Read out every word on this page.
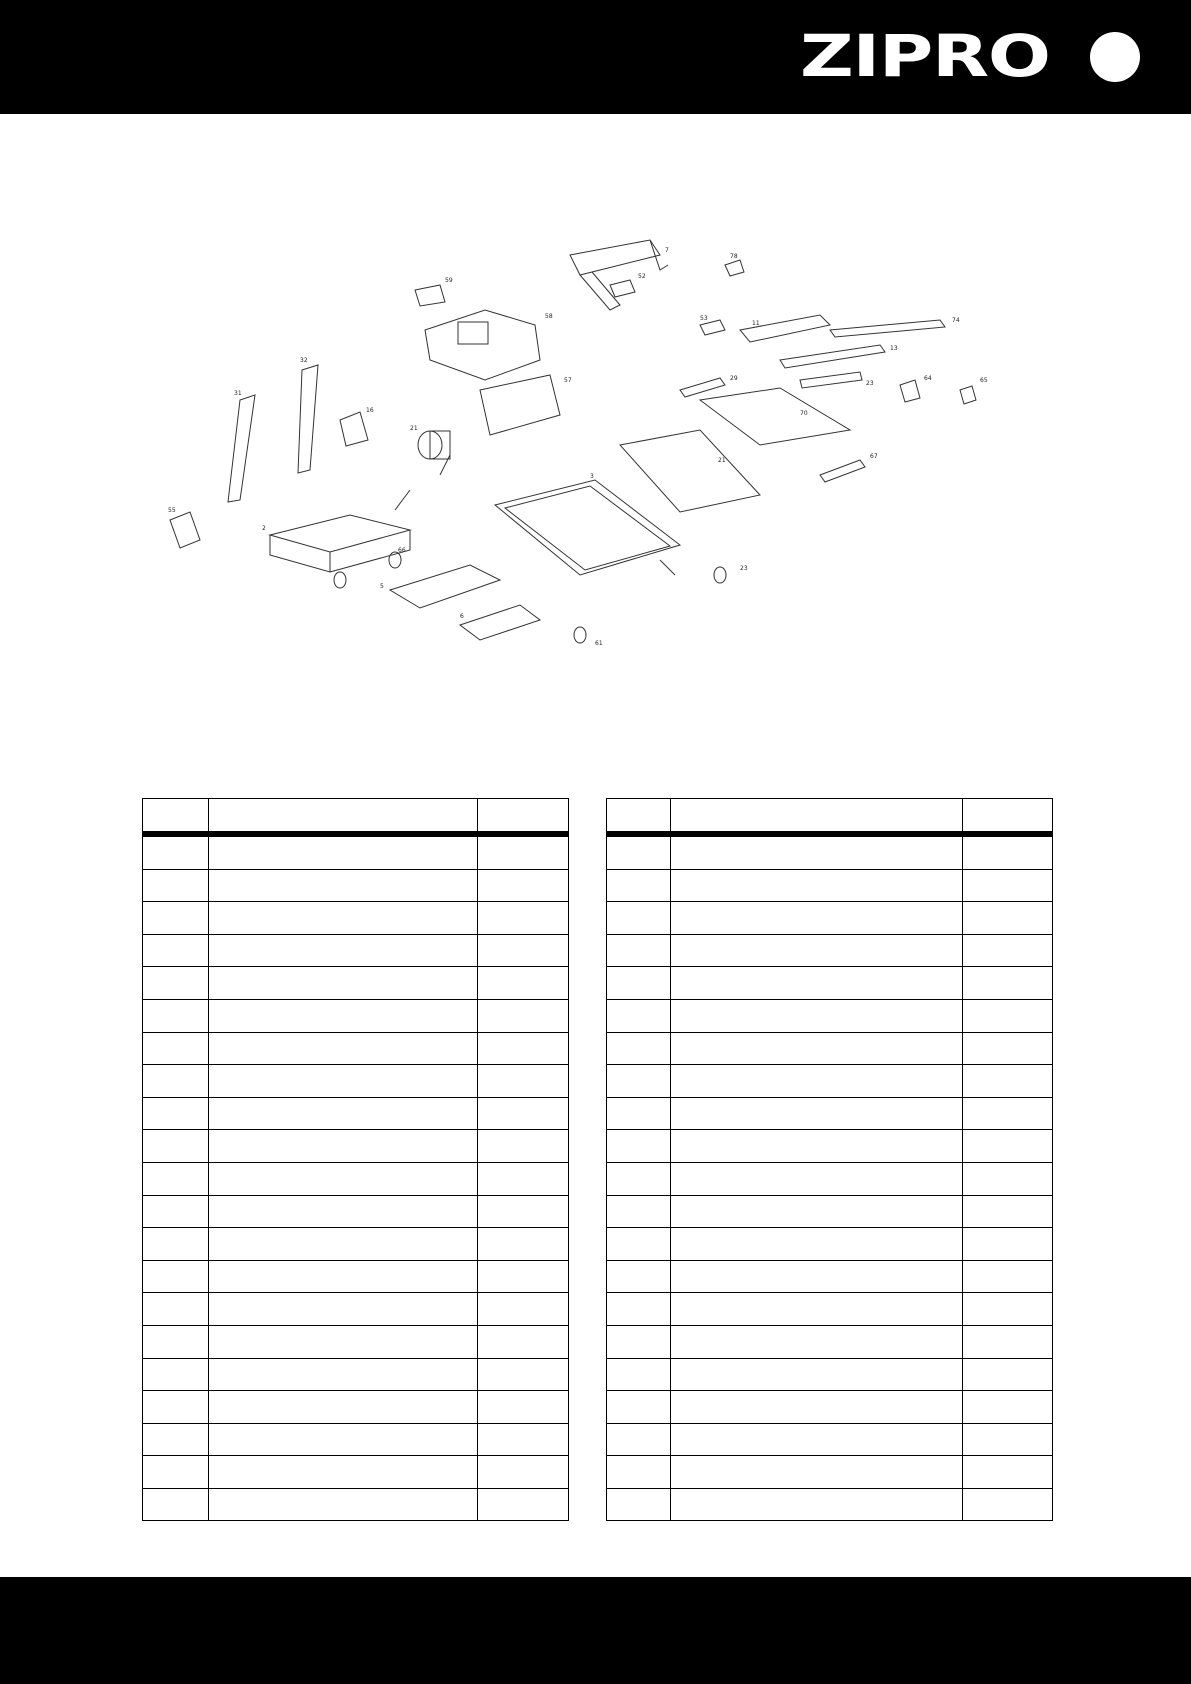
ZIPRO
31
32
2
55
16
58
59
57
21
3
5
6
7
78
11
13
74
23
70
21
29
67
64	65
23
61
53
52
66
